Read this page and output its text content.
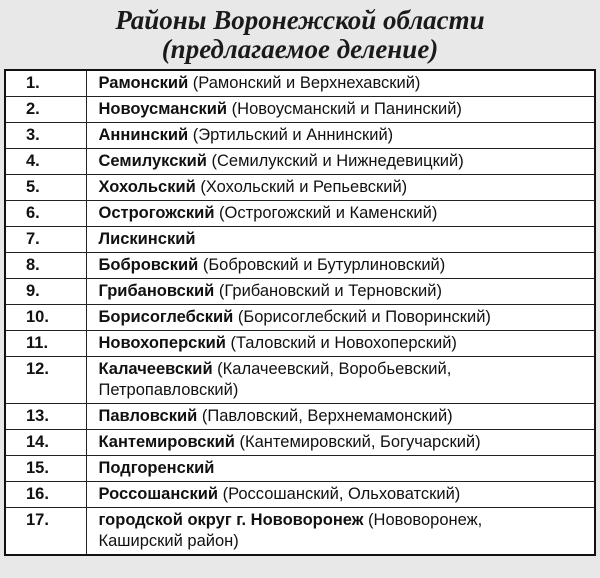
Районы Воронежской области
(предлагаемое деление)
1.	Рамонский (Рамонский и Верхнехавский)
2.	Новоусманский (Новоусманский и Панинский)
3.	Аннинский (Эртильский и Аннинский)
4.	Семилукский (Семилукский и Нижнедевицкий)
5.	Хохольский (Хохольский и Репьевский)
6.	Острогожский (Острогожский и Каменский)
7.	Лискинский
8.	Бобровский (Бобровский и Бутурлиновский)
9.	Грибановский (Грибановский и Терновский)
10.	Борисоглебский (Борисоглебский и Поворинский)
11.	Новохоперский (Таловский и Новохоперский)
12.	Калачеевский (Калачеевский, Воробьевский,
Петропавловский)
13.	Павловский (Павловский, Верхнемамонский)
14.	Кантемировский (Кантемировский, Богучарский)
15.	Подгоренский
16.	Россошанский (Россошанский, Ольховатский)
17.	городской округ г. Нововоронеж (Нововоронеж,
Каширский район)
